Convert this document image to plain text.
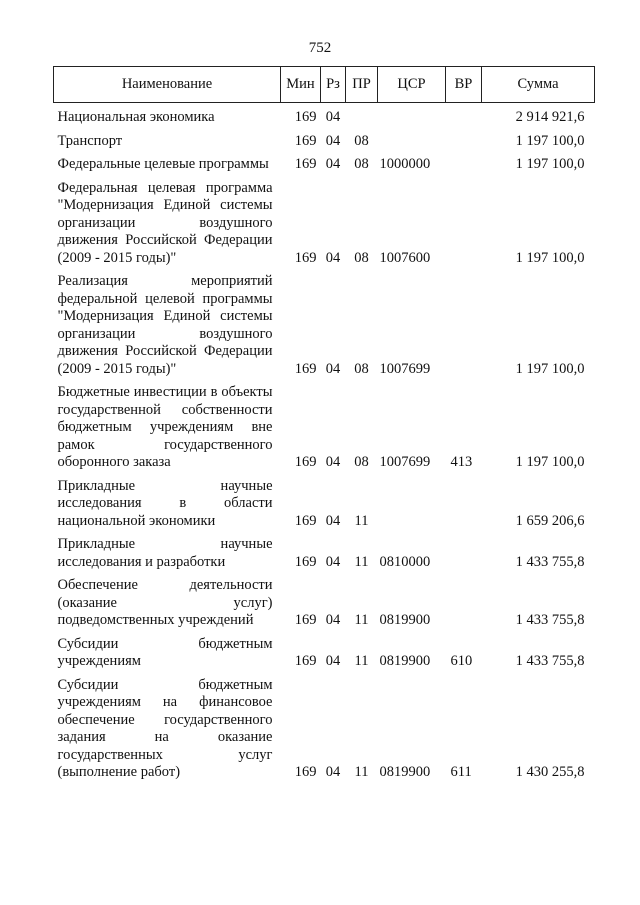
752
Наименование	Мин	Рз	ПР	ЦСР	ВР	Сумма
Национальная экономика	169	04				2 914 921,6
Транспорт	169	04	08			1 197 100,0
Федеральные целевые программы	169	04	08	1000000		1 197 100,0
Федеральная целевая программа "Модернизация Единой системы организации воздушного движения Российской Федерации (2009 - 2015 годы)"	169	04	08	1007600		1 197 100,0
Реализация мероприятий федеральной целевой программы "Модернизация Единой системы организации воздушного движения Российской Федерации (2009 - 2015 годы)"	169	04	08	1007699		1 197 100,0
Бюджетные инвестиции в объекты государственной собственности бюджетным учреждениям вне рамок государственного оборонного заказа	169	04	08	1007699	413	1 197 100,0
Прикладные научные исследования в области национальной экономики	169	04	11			1 659 206,6
Прикладные научные исследования и разработки	169	04	11	0810000		1 433 755,8
Обеспечение деятельности (оказание услуг) подведомственных учреждений	169	04	11	0819900		1 433 755,8
Субсидии бюджетным учреждениям	169	04	11	0819900	610	1 433 755,8
Субсидии бюджетным учреждениям на финансовое обеспечение государственного задания на оказание государственных услуг (выполнение работ)	169	04	11	0819900	611	1 430 255,8
